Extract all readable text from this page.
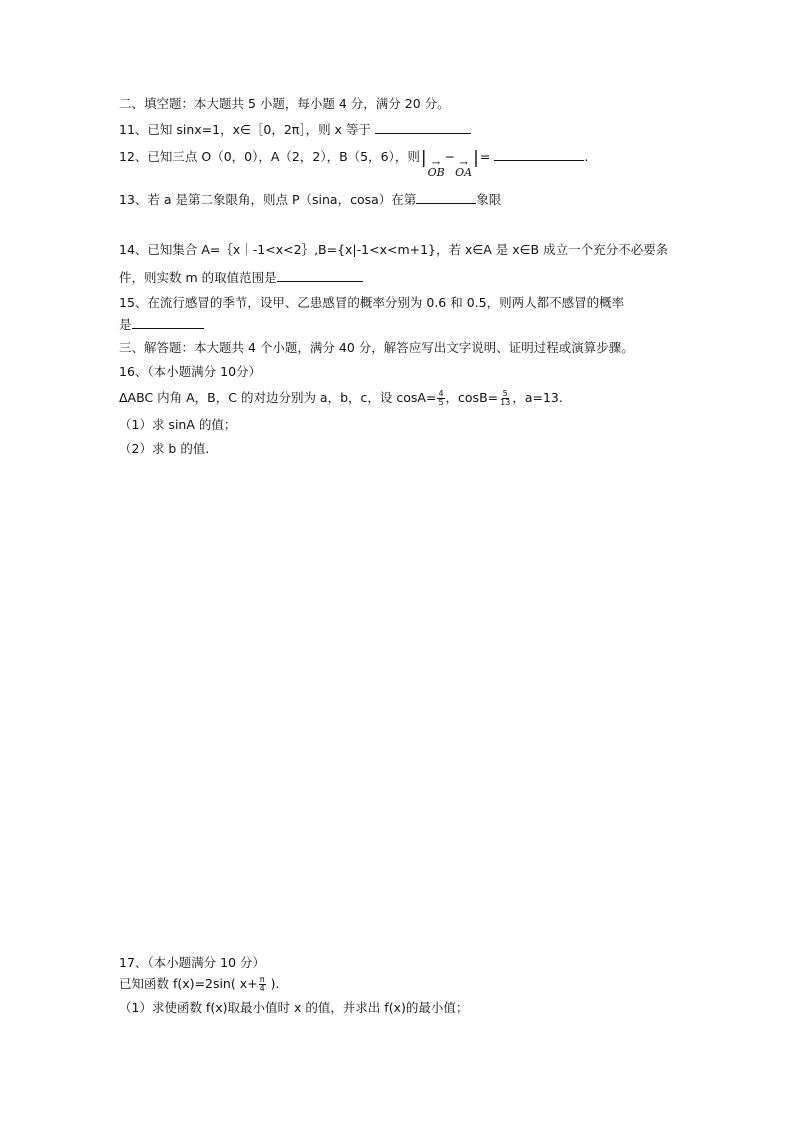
二、填空题：本大题共 5 小题，每小题 4 分，满分 20 分。
11、已知 sinx=1，x∈［0，2π］，则 x 等于
12、已知三点 O（0，0），A（2，2），B（5，6），则| →
OB
− →
OA
|=	.
13、若 a 是第二象限角，则点 P（sina，cosa）在第	象限
14、已知集合 A=｛x｜-1<x<2｝,B={x|-1<x<m+1}，若 x∈A 是 x∈B 成立一个充分不必要条
件，则实数 m 的取值范围是
15、在流行感冒的季节，设甲、乙患感冒的概率分别为 0.6 和 0.5，则两人都不感冒的概率
是
三、解答题：本大题共 4 个小题，满分 40 分，解答应写出文字说明、证明过程或演算步骤。
16、（本小题满分 10分）
ΔABC 内角 A，B，C 的对边分别为 a，b，c，设 $\cos A= \frac{4}{5}$ ，$\cos B= \frac{5}{13}$ ，a=13.
（1）求 sinA 的值；
（2）求 b 的值.
17、（本小题满分 10 分）
已知函数 f(x)=2sin( $x+ \frac{\pi}{4}$ ).
（1）求使函数 f(x)取最小值时 x 的值，并求出 f(x)的最小值；
